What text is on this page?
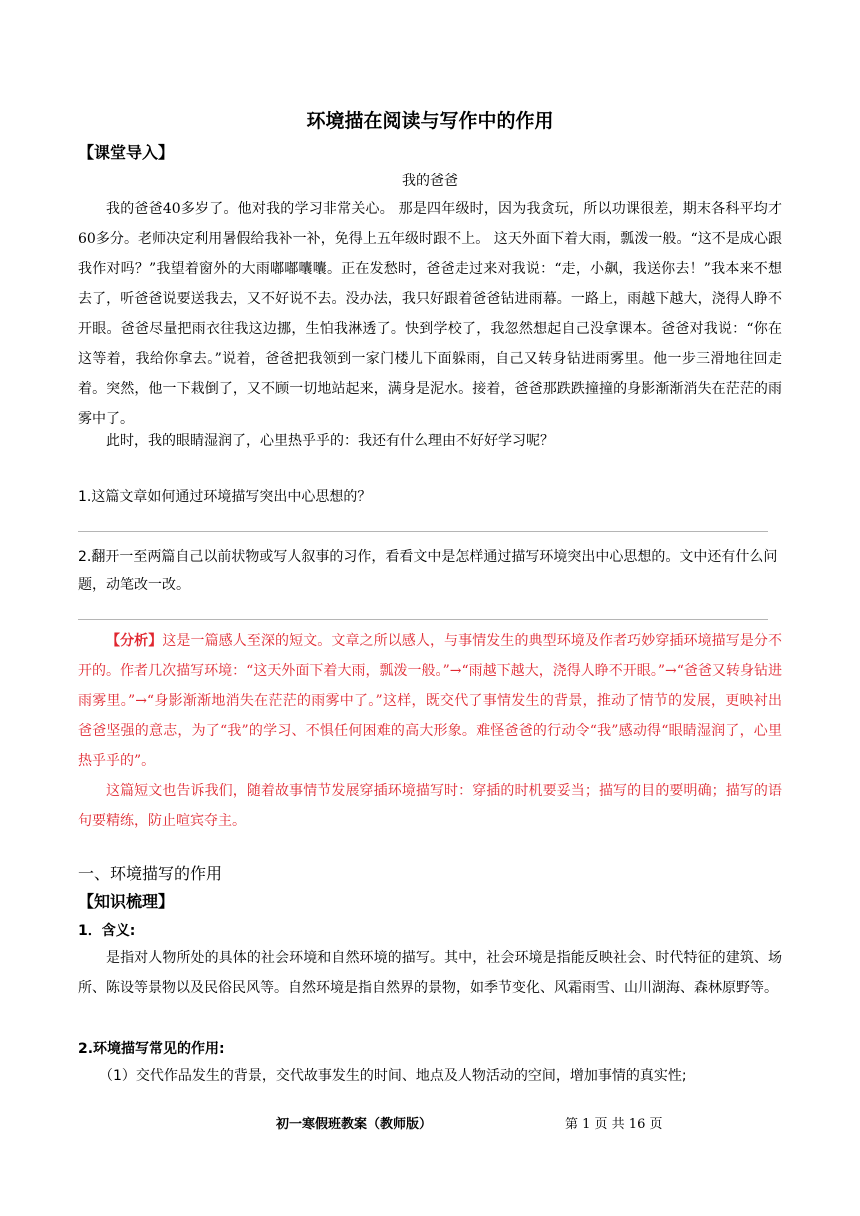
环境描在阅读与写作中的作用
【课堂导入】
我的爸爸
我的爸爸40多岁了。他对我的学习非常关心。 那是四年级时，因为我贪玩，所以功课很差，期末各科平均才60多分。老师决定利用暑假给我补一补，免得上五年级时跟不上。 这天外面下着大雨，瓢泼一般。“这不是成心跟我作对吗？”我望着窗外的大雨嘟嘟囔囔。正在发愁时，爸爸走过来对我说：“走，小飙，我送你去！”我本来不想去了，听爸爸说要送我去，又不好说不去。没办法，我只好跟着爸爸钻进雨幕。一路上，雨越下越大，浇得人睁不开眼。爸爸尽量把雨衣往我这边挪，生怕我淋透了。快到学校了，我忽然想起自己没拿课本。爸爸对我说：“你在这等着，我给你拿去。”说着，爸爸把我领到一家门楼儿下面躲雨，自己又转身钻进雨雾里。他一步三滑地往回走着。突然，他一下栽倒了，又不顾一切地站起来，满身是泥水。接着，爸爸那跌跌撞撞的身影渐渐消失在茫茫的雨雾中了。
此时，我的眼睛湿润了，心里热乎乎的：我还有什么理由不好好学习呢？
1.这篇文章如何通过环境描写突出中心思想的？
2.翻开一至两篇自己以前状物或写人叙事的习作，看看文中是怎样通过描写环境突出中心思想的。文中还有什么问题，动笔改一改。
【分析】这是一篇感人至深的短文。文章之所以感人，与事情发生的典型环境及作者巧妙穿插环境描写是分不开的。作者几次描写环境：“这天外面下着大雨，瓢泼一般。”→“雨越下越大，浇得人睁不开眼。”→“爸爸又转身钻进雨雾里。”→“身影渐渐地消失在茫茫的雨雾中了。”这样，既交代了事情发生的背景，推动了情节的发展，更映衬出爸爸坚强的意志，为了“我”的学习、不惧任何困难的高大形象。难怪爸爸的行动令“我”感动得“眼睛湿润了，心里热乎乎的”。
这篇短文也告诉我们，随着故事情节发展穿插环境描写时：穿插的时机要妥当；描写的目的要明确；描写的语句要精练，防止喧宾夺主。
一、环境描写的作用
【知识梳理】
1．含义:
是指对人物所处的具体的社会环境和自然环境的描写。其中，社会环境是指能反映社会、时代特征的建筑、场所、陈设等景物以及民俗民风等。自然环境是指自然界的景物，如季节变化、风霜雨雪、山川湖海、森林原野等。
2.环境描写常见的作用:
（1）交代作品发生的背景，交代故事发生的时间、地点及人物活动的空间，增加事情的真实性;
初一寒假班教案（教师版）	第 1 页 共 16 页
